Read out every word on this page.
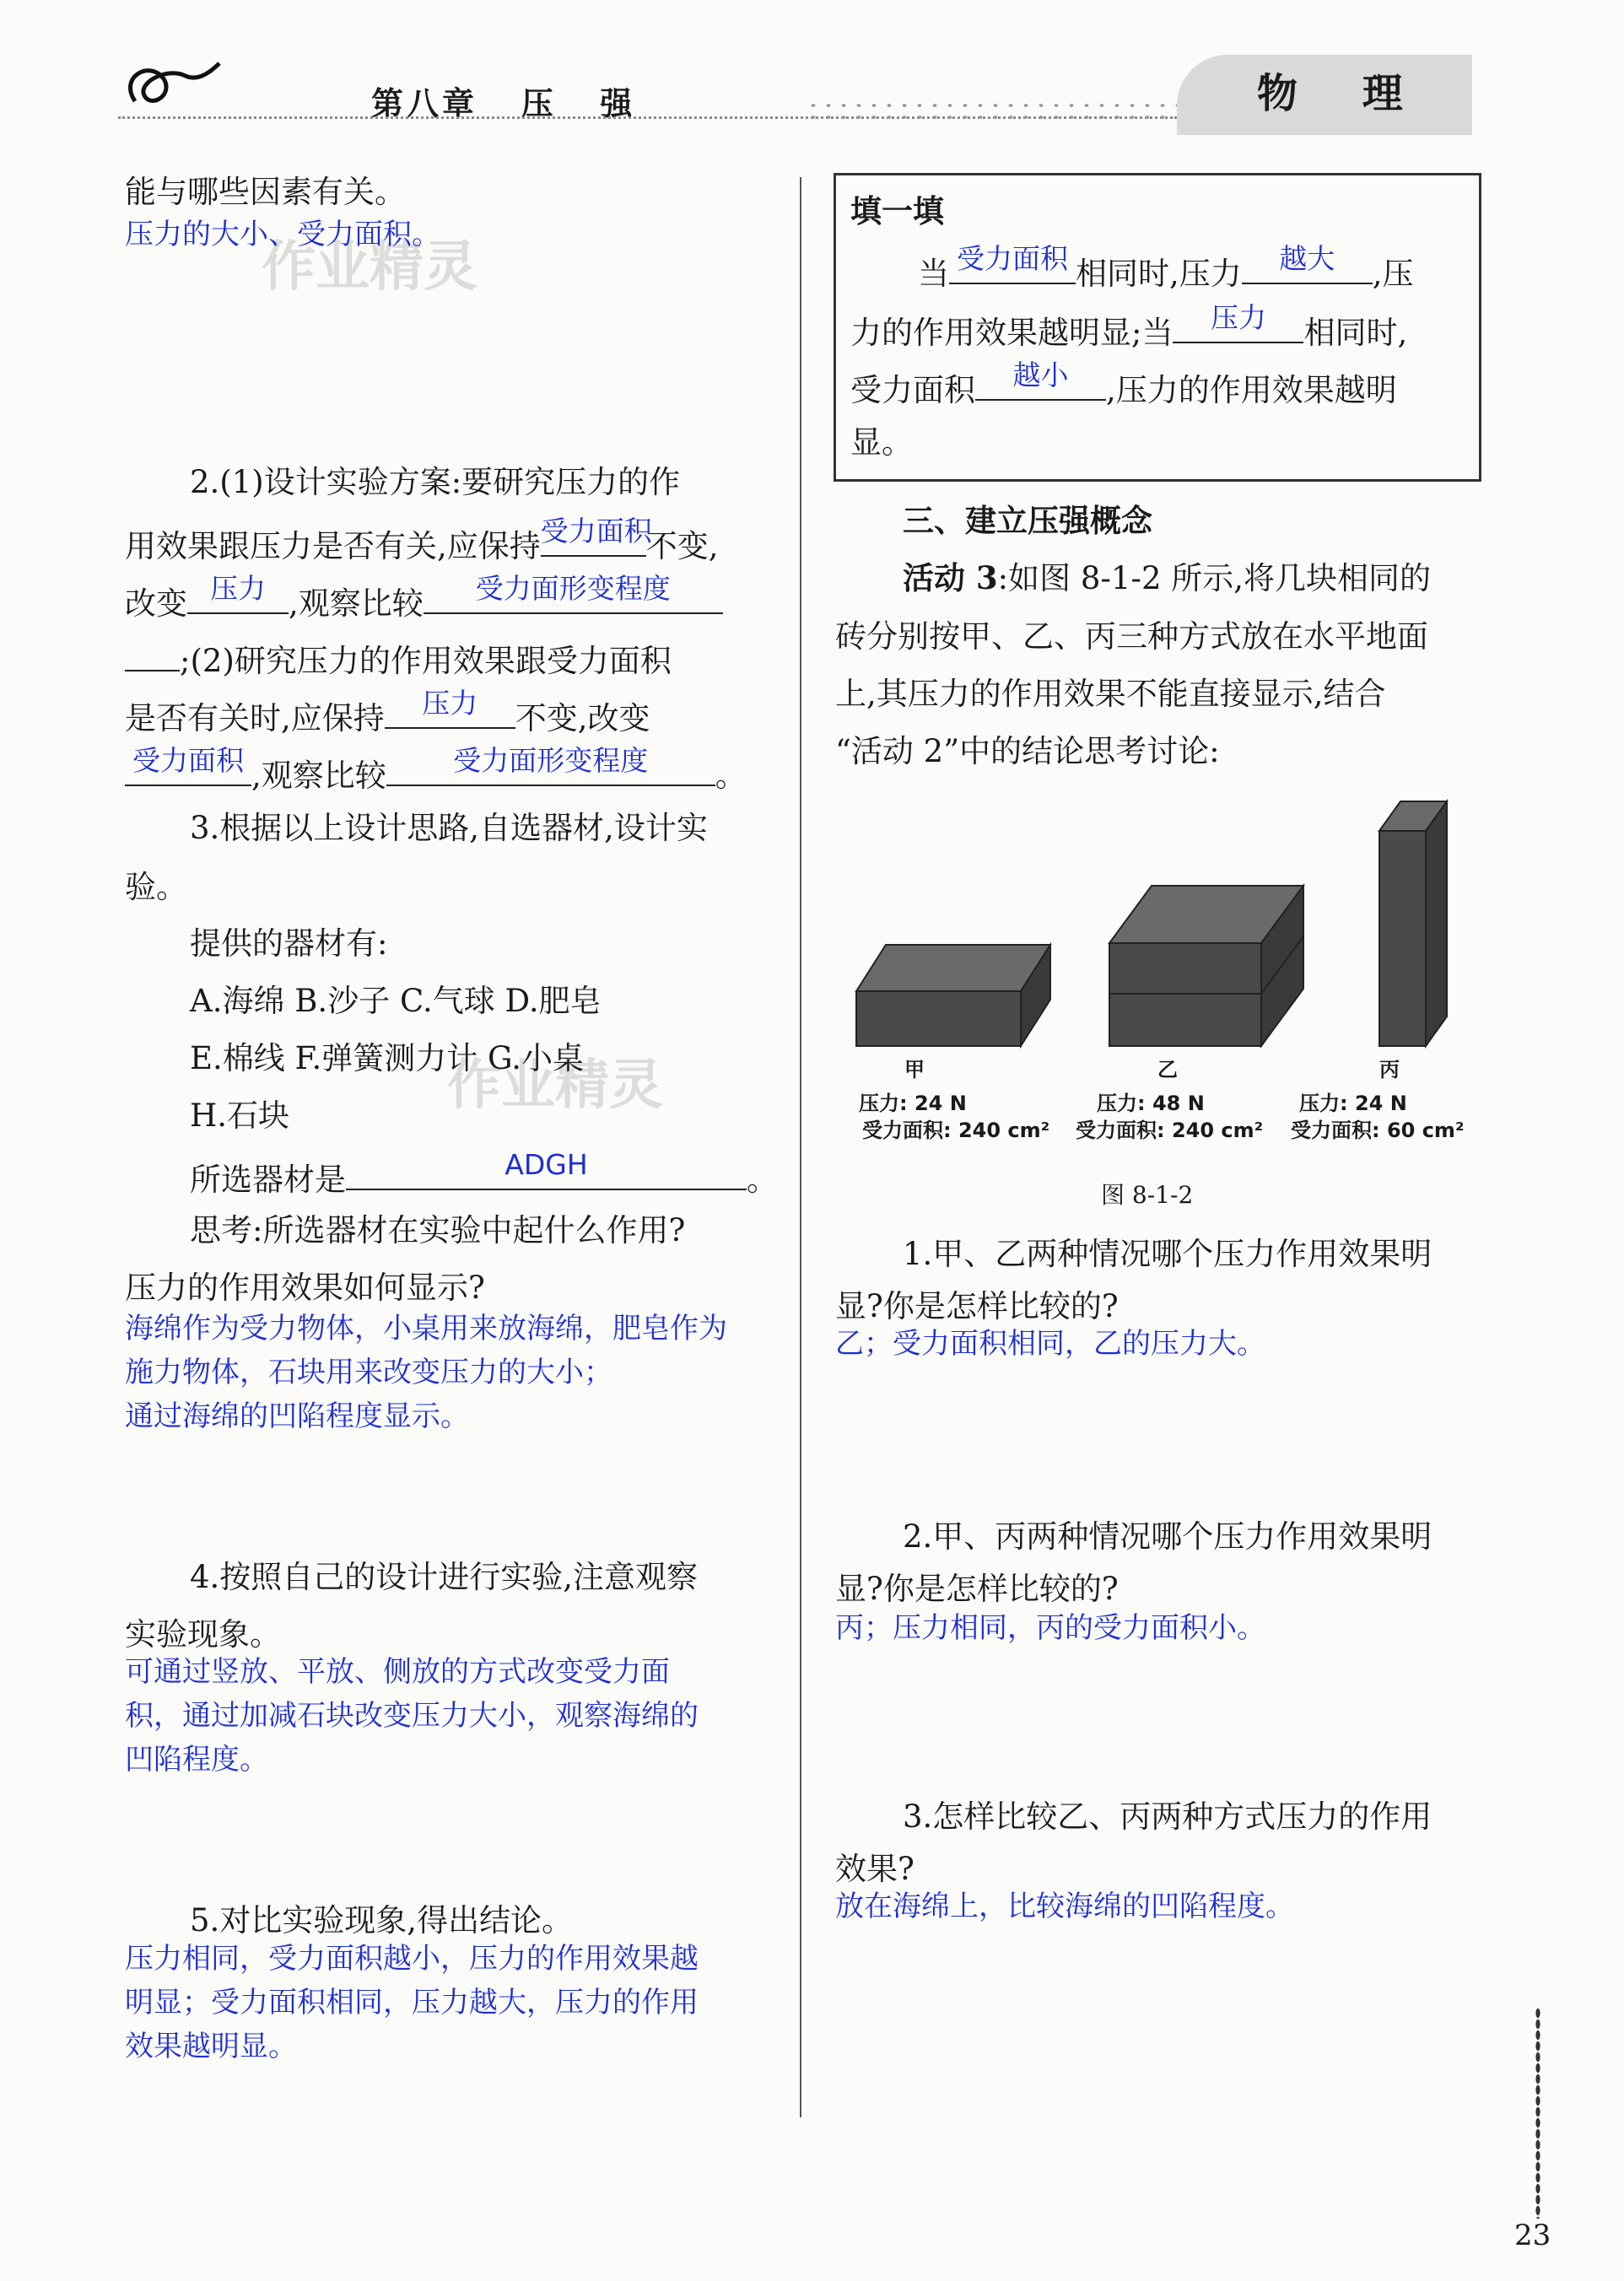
第八章   压   强	物 理
作业精灵
作业精灵
能与哪些因素有关。
压力的大小、受力面积。
2.(1)设计实验方案:要研究压力的作
用效果跟压力是否有关,应保持 受力面积
不变,
改变 压力 ,观察比较	受力面形变程度
;(2)研究压力的作用效果跟受力面积
是否有关时,应保持	压力	不变,改变
受力面积 ,观察比较	受力面形变程度	。
3.根据以上设计思路,自选器材,设计实
验。
提供的器材有:
A.海绵 B.沙子 C.气球 D.肥皂
E.棉线 F.弹簧测力计 G.小桌
H.石块
所选器材是	ADGH	。
思考:所选器材在实验中起什么作用?
压力的作用效果如何显示?
海绵作为受力物体，小桌用来放海绵，肥皂作为
施力物体，石块用来改变压力的大小；
通过海绵的凹陷程度显示。
4.按照自己的设计进行实验,注意观察
实验现象。
可通过竖放、平放、侧放的方式改变受力面
积，通过加减石块改变压力大小，观察海绵的
凹陷程度。
5.对比实验现象,得出结论。
压力相同，受力面积越小，压力的作用效果越
明显；受力面积相同，压力越大，压力的作用
效果越明显。
填一填
当 受力面积 相同时,压力	越大	,压
力的作用效果越明显;当	压力	相同时,
受力面积	越小	,压力的作用效果越明
显。
三、建立压强概念
活动 3:如图 8-1-2 所示,将几块相同的
砖分别按甲、乙、丙三种方式放在水平地面
上,其压力的作用效果不能直接显示,结合
“活动 2”中的结论思考讨论:
甲	乙	丙
压力: 24 N	压力: 48 N	压力: 24 N
受力面积: 240 cm² 受力面积: 240 cm² 受力面积: 60 cm²
图 8-1-2
1.甲、乙两种情况哪个压力作用效果明
显?你是怎样比较的?
乙；受力面积相同，乙的压力大。
2.甲、丙两种情况哪个压力作用效果明
显?你是怎样比较的?
丙；压力相同，丙的受力面积小。
3.怎样比较乙、丙两种方式压力的作用
效果?
放在海绵上，比较海绵的凹陷程度。
23
